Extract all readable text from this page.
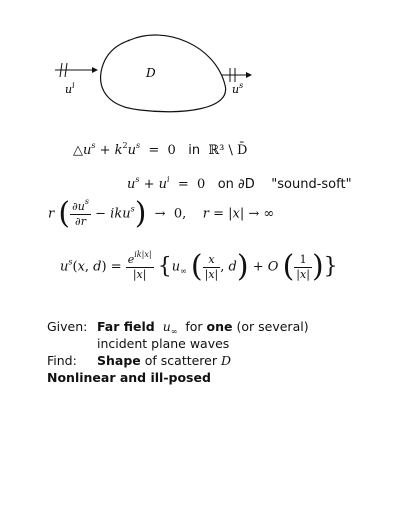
D
$u^i$	$u^s$
$\triangle u^s + k^2u^s = 0$   in ℝ³ \ D̄
$u^s + u^i = 0$   on ∂D "sound-soft"
r ( $\frac{\partial u^s}{\partial r} - iku^s) \to 0$,    r = |x| → ∞
$u^s(x$, $d) = \frac{e^{ik|x|}}{|x|} \{u_\infty$ ( $\frac{x}{|x|}$ , d) + O ( $\frac{1}{|x|}$ )}
Given: Far field $u_\infty$ for one (or several)
incident plane waves
Find:	Shape of scatterer D
Nonlinear and ill-posed
